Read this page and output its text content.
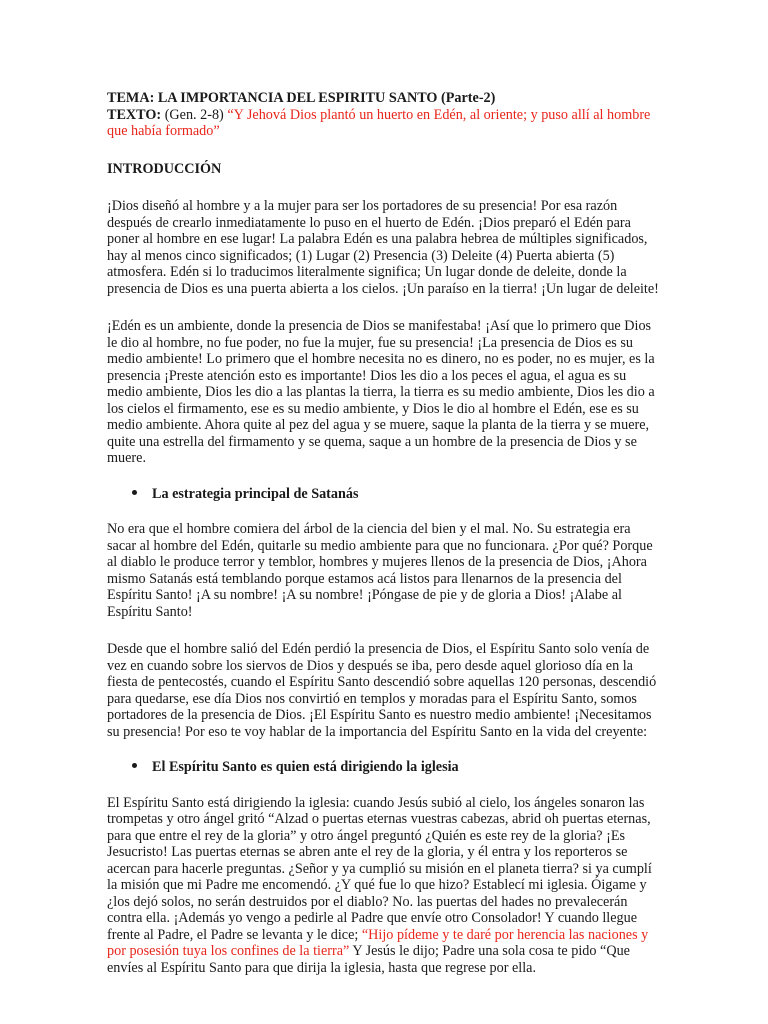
TEMA: LA IMPORTANCIA DEL ESPIRITU SANTO (Parte-2)

TEXTO: (Gen. 2-8) “Y Jehová Dios plantó un huerto en Edén, al oriente; y puso allí al hombre que había formado”

INTRODUCCIÓN

¡Dios diseñó al hombre y a la mujer para ser los portadores de su presencia! Por esa razón después de crearlo inmediatamente lo puso en el huerto de Edén. ¡Dios preparó el Edén para poner al hombre en ese lugar! La palabra Edén es una palabra hebrea de múltiples significados, hay al menos cinco significados; (1) Lugar (2) Presencia (3) Deleite (4) Puerta abierta (5) atmosfera. Edén si lo traducimos literalmente significa; Un lugar donde de deleite, donde la presencia de Dios es una puerta abierta a los cielos. ¡Un paraíso en la tierra! ¡Un lugar de deleite!

¡Edén es un ambiente, donde la presencia de Dios se manifestaba! ¡Así que lo primero que Dios le dio al hombre, no fue poder, no fue la mujer, fue su presencia! ¡La presencia de Dios es su medio ambiente! Lo primero que el hombre necesita no es dinero, no es poder, no es mujer, es la presencia ¡Preste atención esto es importante! Dios les dio a los peces el agua, el agua es su medio ambiente, Dios les dio a las plantas la tierra, la tierra es su medio ambiente, Dios les dio a los cielos el firmamento, ese es su medio ambiente, y Dios le dio al hombre el Edén, ese es su medio ambiente. Ahora quite al pez del agua y se muere, saque la planta de la tierra y se muere, quite una estrella del firmamento y se quema, saque a un hombre de la presencia de Dios y se muere.

La estrategia principal de Satanás

No era que el hombre comiera del árbol de la ciencia del bien y el mal. No. Su estrategia era sacar al hombre del Edén, quitarle su medio ambiente para que no funcionara. ¿Por qué? Porque al diablo le produce terror y temblor, hombres y mujeres llenos de la presencia de Dios, ¡Ahora mismo Satanás está temblando porque estamos acá listos para llenarnos de la presencia del Espíritu Santo! ¡A su nombre! ¡A su nombre! ¡Póngase de pie y de gloria a Dios! ¡Alabe al Espíritu Santo!

Desde que el hombre salió del Edén perdió la presencia de Dios, el Espíritu Santo solo venía de vez en cuando sobre los siervos de Dios y después se iba, pero desde aquel glorioso día en la fiesta de pentecostés, cuando el Espíritu Santo descendió sobre aquellas 120 personas, descendió para quedarse, ese día Dios nos convirtió en templos y moradas para el Espíritu Santo, somos portadores de la presencia de Dios. ¡El Espíritu Santo es nuestro medio ambiente! ¡Necesitamos su presencia! Por eso te voy hablar de la importancia del Espíritu Santo en la vida del creyente:

El Espíritu Santo es quien está dirigiendo la iglesia

El Espíritu Santo está dirigiendo la iglesia: cuando Jesús subió al cielo, los ángeles sonaron las trompetas y otro ángel gritó “Alzad o puertas eternas vuestras cabezas, abrid oh puertas eternas, para que entre el rey de la gloria” y otro ángel preguntó ¿Quién es este rey de la gloria? ¡Es Jesucristo! Las puertas eternas se abren ante el rey de la gloria, y él entra y los reporteros se acercan para hacerle preguntas. ¿Señor y ya cumplió su misión en el planeta tierra? si ya cumplí la misión que mi Padre me encomendó. ¿Y qué fue lo que hizo? Establecí mi iglesia. Óigame y ¿los dejó solos, no serán destruidos por el diablo? No. las puertas del hades no prevalecerán contra ella. ¡Además yo vengo a pedirle al Padre que envíe otro Consolador! Y cuando llegue frente al Padre, el Padre se levanta y le dice; “Hijo pídeme y te daré por herencia las naciones y por posesión tuya los confines de la tierra” Y Jesús le dijo; Padre una sola cosa te pido “Que envíes al Espíritu Santo para que dirija la iglesia, hasta que regrese por ella.
